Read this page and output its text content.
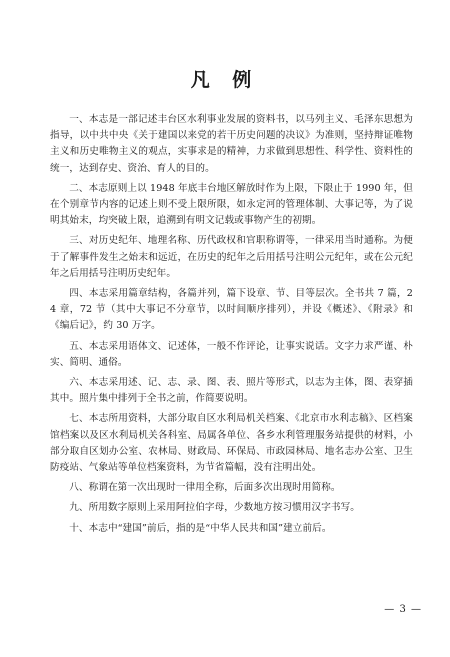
凡 例

一、本志是一部记述丰台区水利事业发展的资料书，以马列主义、毛泽东思想为指导，以中共中央《关于建国以来党的若干历史问题的决议》为准则，坚持辩证唯物主义和历史唯物主义的观点，实事求是的精神，力求做到思想性、科学性、资料性的统一，达到存史、资治、育人的目的。

二、本志原则上以 1948 年底丰台地区解放时作为上限，下限止于 1990 年，但在个别章节内容的记述上则不受上限所限，如永定河的管理体制、大事记等，为了说明其始末，均突破上限，追溯到有明文记载或事物产生的初期。

三、对历史纪年、地理名称、历代政权和官职称谓等，一律采用当时通称。为便于了解事件发生之始末和远近，在历史的纪年之后用括号注明公元纪年，或在公元纪年之后用括号注明历史纪年。

四、本志采用篇章结构，各篇并列，篇下设章、节、目等层次。全书共 7 篇，24 章，72 节（其中大事记不分章节，以时间顺序排列），并设《概述》、《附录》和《编后记》，约 30 万字。

五、本志采用语体文、记述体，一般不作评论，让事实说话。文字力求严谨、朴实、简明、通俗。

六、本志采用述、记、志、录、图、表、照片等形式，以志为主体，图、表穿插其中。照片集中排列于全书之前，作简要说明。

七、本志所用资料，大部分取自区水利局机关档案、《北京市水利志稿》、区档案馆档案以及区水利局机关各科室、局属各单位、各乡水利管理服务站提供的材料，小部分取自区划办公室、农林局、财政局、环保局、市政园林局、地名志办公室、卫生防疫站、气象站等单位档案资料，为节省篇幅，没有注明出处。

八、称谓在第一次出现时一律用全称，后面多次出现时用简称。

九、所用数字原则上采用阿拉伯字母，少数地方按习惯用汉字书写。

十、本志中“建国”前后，指的是“中华人民共和国”建立前后。

— 3 —
